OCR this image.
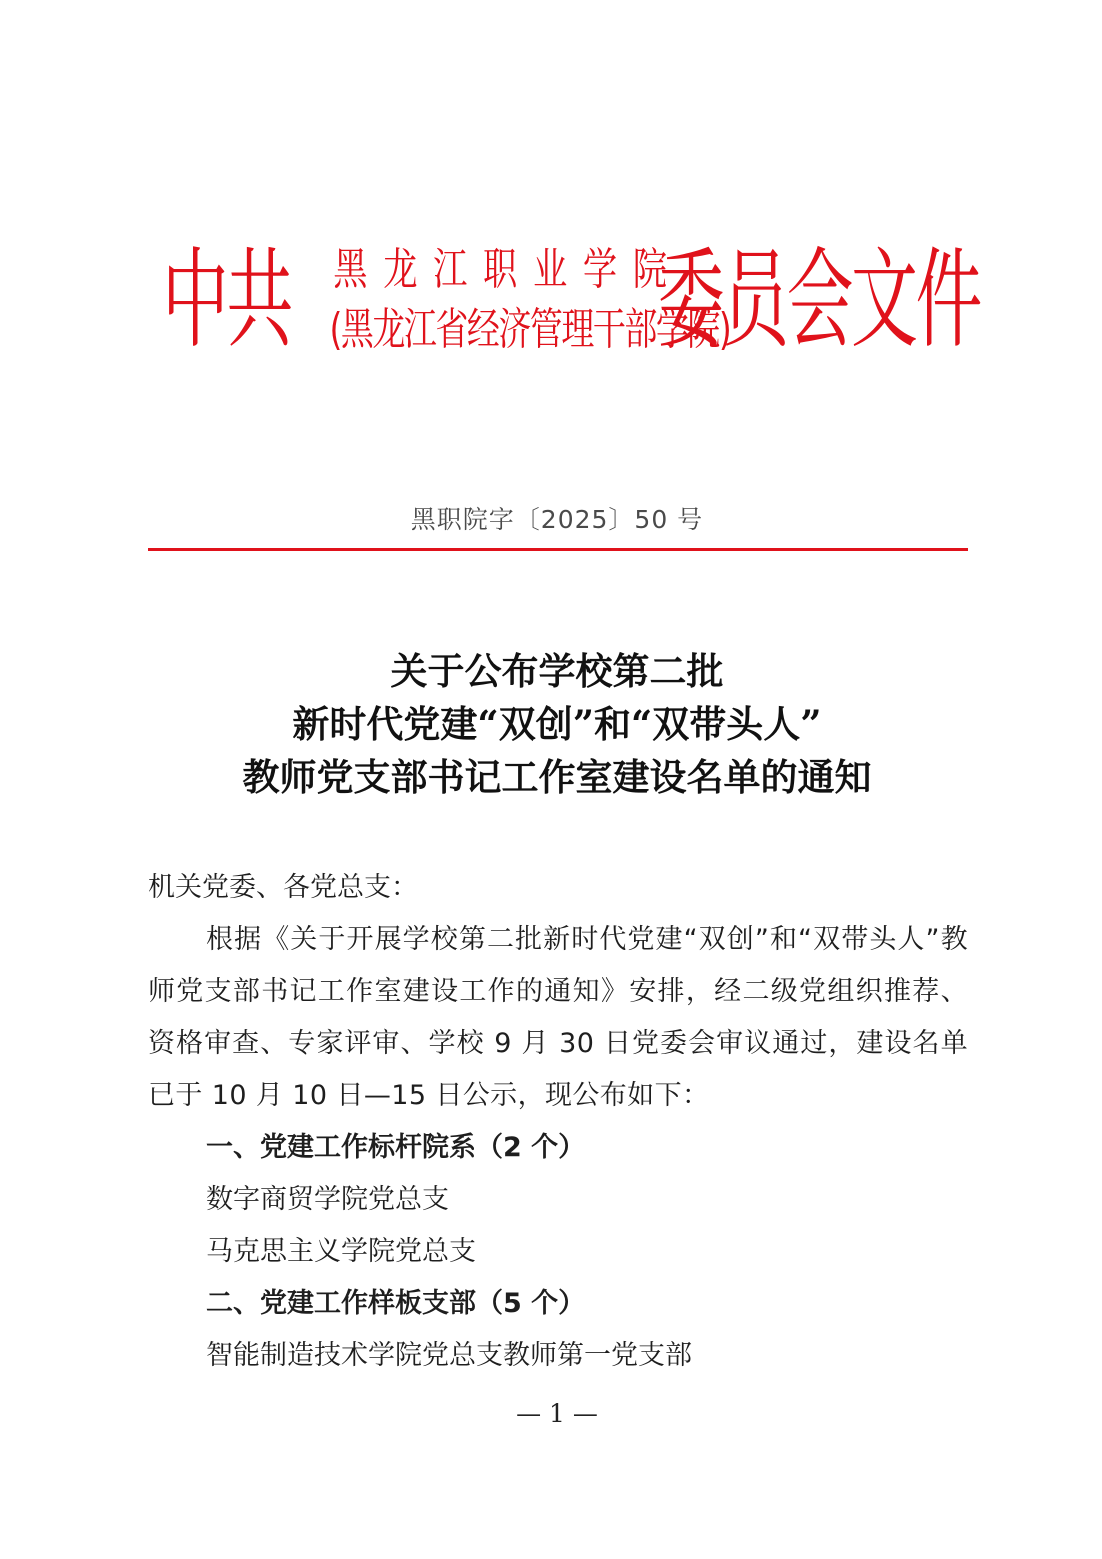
中共 黑龙江职业学院
(黑龙江省经济管理干部学院)
委员会文件
黑职院字〔2025〕50 号
关于公布学校第二批
新时代党建“双创”和“双带头人”
教师党支部书记工作室建设名单的通知

机关党委、各党总支：

根据《关于开展学校第二批新时代党建“双创”和“双带头人”教师党支部书记工作室建设工作的通知》安排，经二级党组织推荐、资格审查、专家评审、学校 9 月 30 日党委会审议通过，建设名单已于 10 月 10 日—15 日公示，现公布如下：

一、党建工作标杆院系（2 个）

数字商贸学院党总支

马克思主义学院党总支

二、党建工作样板支部（5 个）

智能制造技术学院党总支教师第一党支部

— 1 —
